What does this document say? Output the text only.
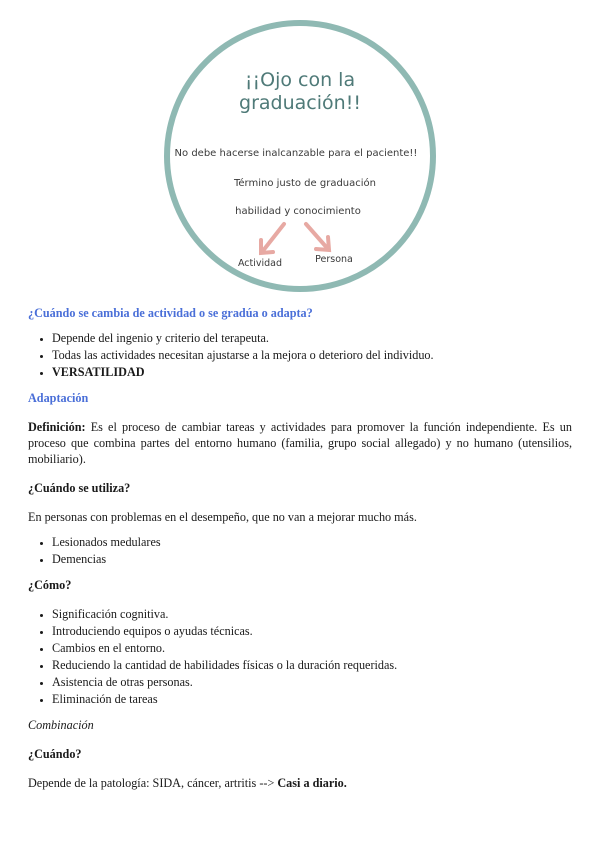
¡¡Ojo con la
graduación!!
No debe hacerse inalcanzable para el paciente!!
Término justo de graduación
habilidad y conocimiento
Actividad	Persona

¿Cuándo se cambia de actividad o se gradúa o adapta?

• Depende del ingenio y criterio del terapeuta.
• Todas las actividades necesitan ajustarse a la mejora o deterioro del individuo.
• VERSATILIDAD

Adaptación

Definición: Es el proceso de cambiar tareas y actividades para promover la función independiente. Es un proceso que combina partes del entorno humano (familia, grupo social allegado) y no humano (utensilios, mobiliario).

¿Cuándo se utiliza?

En personas con problemas en el desempeño, que no van a mejorar mucho más.

• Lesionados medulares
• Demencias

¿Cómo?

• Significación cognitiva.
• Introduciendo equipos o ayudas técnicas.
• Cambios en el entorno.
• Reduciendo la cantidad de habilidades físicas o la duración requeridas.
• Asistencia de otras personas.
• Eliminación de tareas

Combinación

¿Cuándo?

Depende de la patología: SIDA, cáncer, artritis --> Casi a diario.
